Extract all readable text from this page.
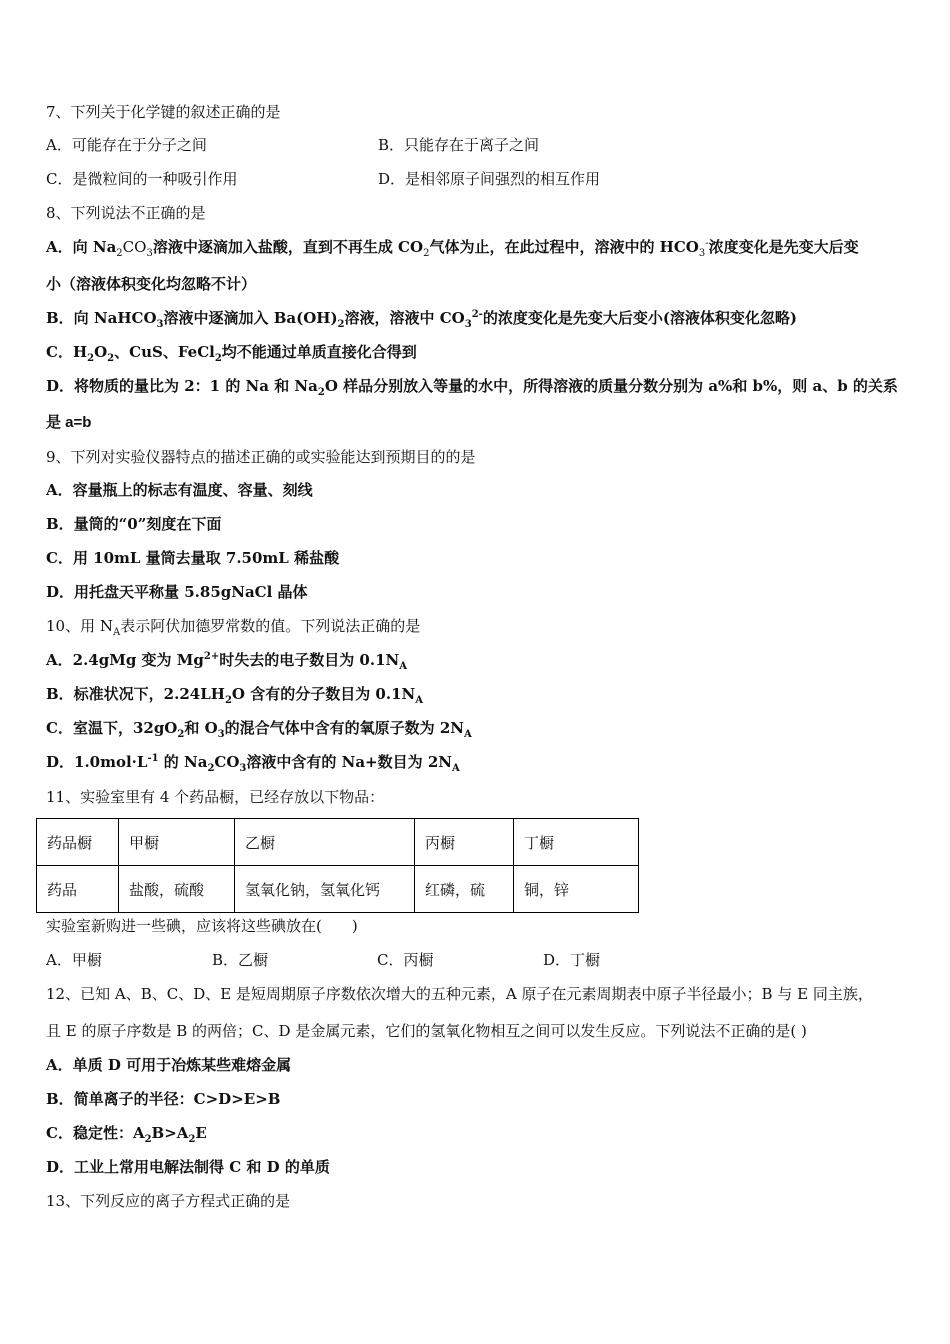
7、下列关于化学键的叙述正确的是
A．可能存在于分子之间	B．只能存在于离子之间
C．是微粒间的一种吸引作用	D．是相邻原子间强烈的相互作用
8、下列说法不正确的是
A．向 $Na_2CO_3$溶液中逐滴加入盐酸，直到不再生成 $CO_2$气体为止，在此过程中，溶液中的 $HCO_3^-$浓度变化是先变大后变
小（溶液体积变化均忽略不计）
B．向 NaHCO$_3$溶液中逐滴加入 $Ba(OH)_2$溶液，溶液中 $CO_3^{2-}$的浓度变化是先变大后变小(溶液体积变化忽略)
C．$H_2O_2$、CuS、FeCl$_2$均不能通过单质直接化合得到
D．将物质的量比为 2：1 的 Na 和 $Na_2O$ 样品分别放入等量的水中，所得溶液的质量分数分别为 a%和 b%，则 a、b 的关系
是 a=b
9、下列对实验仪器特点的描述正确的或实验能达到预期目的的是
A．容量瓶上的标志有温度、容量、刻线
B．量筒的“0”刻度在下面
C．用 10mL 量筒去量取 7.50mL 稀盐酸
D．用托盘天平称量 5.85gNaCl 晶体
10、用 $N_A$表示阿伏加德罗常数的值。下列说法正确的是
A．2.4gMg 变为 $Mg^{2+}$时失去的电子数目为 $0.1N_A$
B．标准状况下，$2.24LH_2O$ 含有的分子数目为 $0.1N_A$
C．室温下，$32gO_2$和 $O_3$的混合气体中含有的氧原子数为 $2N_A$
D．$1.0mol\cdot L^{-1}$ 的 $Na_2CO_3$溶液中含有的 Na+数目为 $2N_A$
11、实验室里有 4 个药品橱，已经存放以下物品：
药品橱	甲橱	乙橱	丙橱	丁橱
药品	盐酸，硫酸	氢氧化钠，氢氧化钙	红磷，硫	铜，锌
实验室新购进一些碘，应该将这些碘放在(　　)
A．甲橱	B．乙橱	C．丙橱	D．丁橱
12、已知 A、B、C、D、E 是短周期原子序数依次增大的五种元素，A 原子在元素周期表中原子半径最小；B 与 E 同主族，
且 E 的原子序数是 B 的两倍；C、D 是金属元素，它们的氢氧化物相互之间可以发生反应。下列说法不正确的是( )
A．单质 D 可用于冶炼某些难熔金属
B．简单离子的半径：C>D>E>B
C．稳定性：$A_2B>A_2E$
D．工业上常用电解法制得 C 和 D 的单质
13、下列反应的离子方程式正确的是
